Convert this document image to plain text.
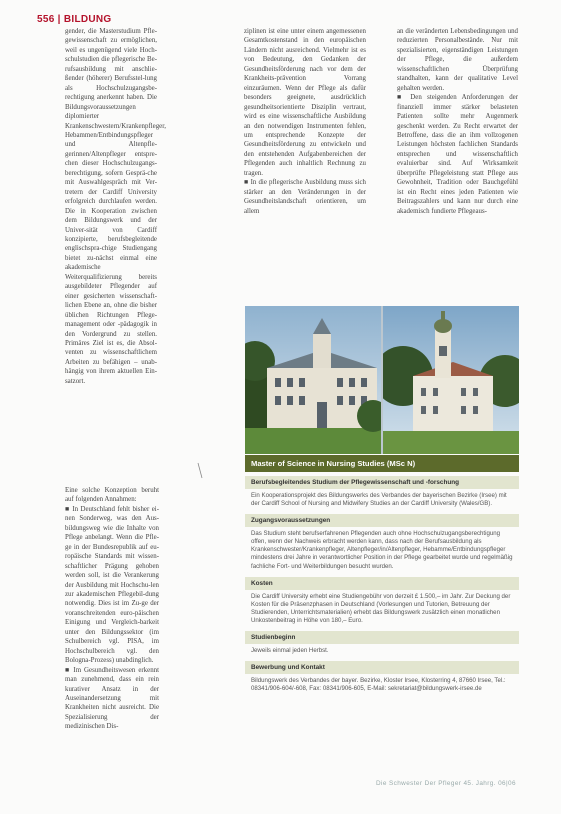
556 | BILDUNG

gender, die Masterstudium Pfle-gewissenschaft zu ermöglichen, weil es ungenügend viele Hoch-schulstudien die pflegerische Be-rufsausbildung mit anschlie-ßender (höherer) Berufsstel-lung als Hochschulzugangsbe-rechtigung anerkennt haben. Die Bildungsvoraussetzungen diplomierter Krankenschwestern/Krankenpfleger, Hebammen/Entbindungspfleger und Altenpfle-gerinnen/Altenpfleger entspre-chen dieser Hochschulzugangs-berechtigung, sofern Gesprä-che mit Auswahlgespräch mit Ver-tretern der Cardiff University erfolgreich durchlaufen werden. Die in Kooperation zwischen dem Bildungswerk und der Univer-sität von Cardiff konzipierte, berufsbegleitende englischspra-chige Studiengang bietet zu-nächst einmal eine akademische Weiterqualifizierung bereits ausgebildeter Pflegender auf einer gesicherten wissenschaft-lichen Ebene an, ohne die bisher üblichen Richtungen Pflege-management oder -pädagogik in den Vordergrund zu stellen. Primäres Ziel ist es, die Absol-venten zu wissenschaftlichem Arbeiten zu befähigen – unab-hängig von ihrem aktuellen Ein-satzort.

Eine solche Konzeption beruht auf folgenden Annahmen:

■ In Deutschland fehlt bisher ei-nen Sonderweg, was den Aus-bildungsweg wie die Inhalte von Pflege anbelangt. Wenn die Pfle-ge in der Bundesrepublik auf eu-ropäische Standards mit wissen-schaftlicher Prägung gehoben werden soll, ist die Verankerung der Ausbildung mit Hochschu-len zur akademischen Pflegebil-dung notwendig. Dies ist im Zu-ge der voranschreitenden euro-päischen Einigung und Vergleich-barkeit unter den Bildungssektor (im Schulbereich vgl. PISA, im Hochschulbereich vgl. den Bologna-Prozess) unabdinglich.

■ Im Gesundheitswesen erkennt man zunehmend, dass ein rein kurativer Ansatz in der Auseinandersetzung mit Krankheiten nicht ausreicht. Die Spezialisierung der medizinischen Dis-

ziplinen ist eine unter einem angemessenen Gesamtkostenstand in den europäischen Ländern nicht ausreichend. Vielmehr ist es von Bedeutung, den Gedanken der Gesundheitsförderung nach vor dem der Krankheits-prävention Vorrang einzuräumen. Wenn der Pflege als dafür besonders geeignete, ausdrücklich gesundheitsorientierte Disziplin vertraut, wird es eine wissenschaftliche Ausbildung an den notwendigen Instrumenten fehlen, um entsprechende Konzepte der Gesundheitsförderung zu entwickeln und den entstehenden Aufgabenbereichen der Pflegenden auch inhaltlich Rechnung zu tragen.

■ In die pflegerische Ausbildung muss sich stärker an den Veränderungen in der Gesundheitslandschaft orientieren, um allem

an die veränderten Lebensbedingungen und reduzierten Personalbestände. Nur mit spezialisierten, eigenständigen Leistungen der Pflege, die außerdem wissenschaftlichen Überprüfung standhalten, kann der qualitative Level gehalten werden.

■ Den steigenden Anforderungen der finanziell immer stärker belasteten Patienten sollte mehr Augenmerk geschenkt werden. Zu Recht erwartet der Betroffene, dass die an ihm vollzogenen Leistungen höchsten fachlichen Standards entsprechen und wissenschaftlich evaluierbar sind. Auf Wirksamkeit überprüfte Pflegeleistung statt Pflege aus Gewohnheit, Tradition oder Bauchgefühl ist ein Recht eines jeden Patienten wie Beitragszahlers und kann nur durch eine akademisch fundierte Pflegeaus-

Master of Science in Nursing Studies (MSc N)
Berufsbegleitendes Studium der Pflegewissenschaft und -forschung
Ein Kooperationsprojekt des Bildungswerks des Verbandes der bayerischen Bezirke (Irsee) mit der Cardiff School of Nursing and Midwifery Studies an der Cardiff University (Wales/GB).
Zugangsvoraussetzungen
Das Studium steht berufserfahrenen Pflegenden auch ohne Hochschulzugangsberechtigung offen, wenn der Nachweis erbracht werden kann, dass nach der Berufsausbildung als Krankenschwester/Krankenpfleger, Altenpfleger/in/Altenpfleger, Hebamme/Entbindungspfleger mindestens drei Jahre in verantwortlicher Position in der Pflege gearbeitet wurde und regelmäßig fachliche Fort- und Weiterbildungen besucht wurden.
Kosten
Die Cardiff University erhebt eine Studiengebühr von derzeit £ 1.500,– im Jahr. Zur Deckung der Kosten für die Präsenzphasen in Deutschland (Vorlesungen und Tutorien, Betreuung der Studierenden, Unterrichtsmaterialien) erhebt das Bildungswerk zusätzlich einen monatlichen Unkostenbeitrag in Höhe von 180,– Euro.
Studienbeginn
Jeweils einmal jeden Herbst.
Bewerbung und Kontakt
Bildungswerk des Verbandes der bayer. Bezirke, Kloster Irsee, Klosterring 4, 87660 Irsee, Tel.: 08341/906-604/-608, Fax: 08341/906-605, E-Mail: sekretariat@bildungswerk-irsee.de
Die Schwester Der Pfleger 45. Jahrg. 06|06
